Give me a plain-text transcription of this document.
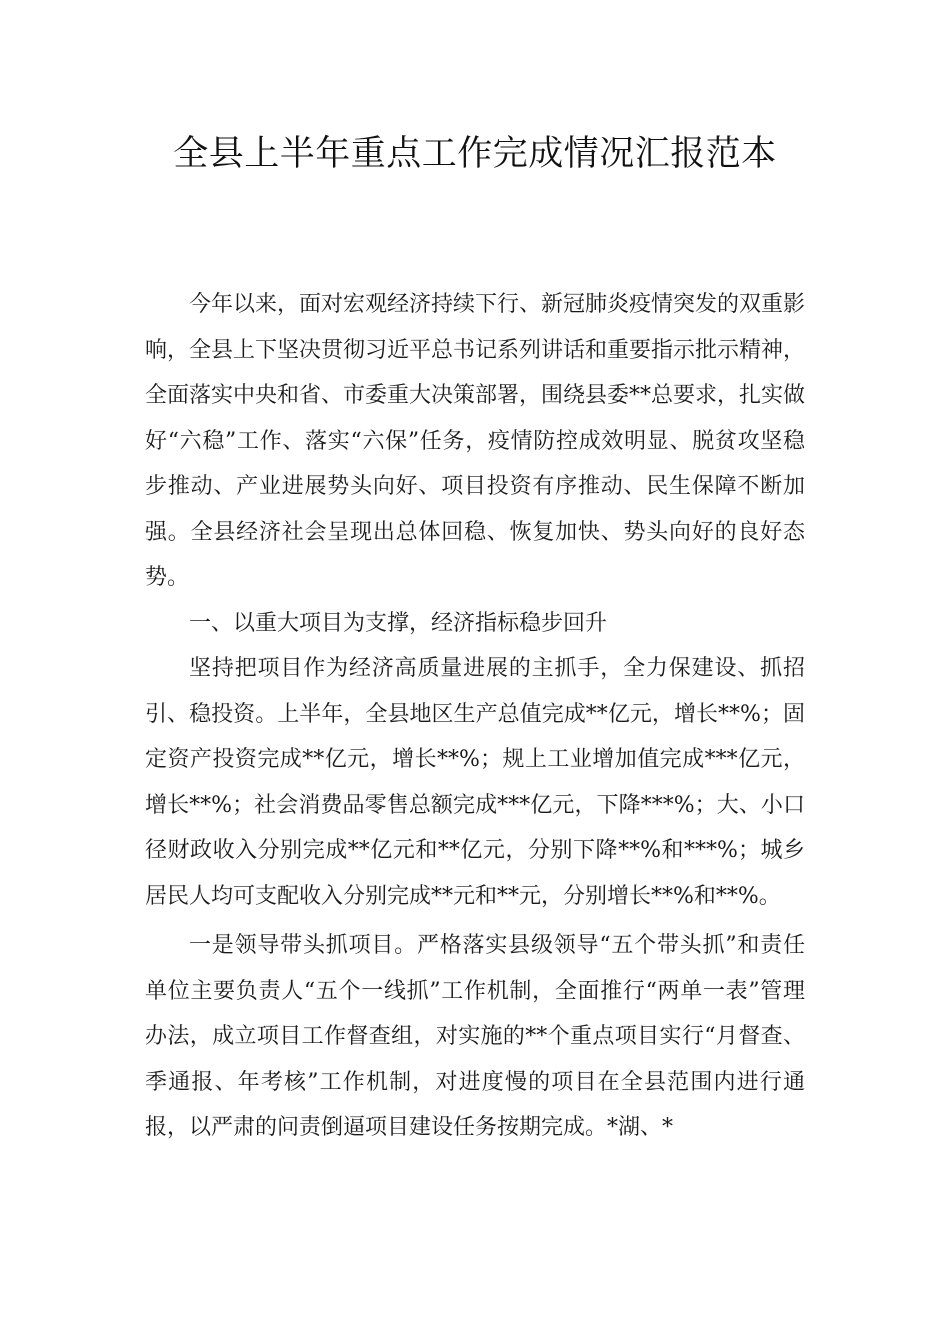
全县上半年重点工作完成情况汇报范本

今年以来，面对宏观经济持续下行、新冠肺炎疫情突发的双重影响，全县上下坚决贯彻习近平总书记系列讲话和重要指示批示精神，全面落实中央和省、市委重大决策部署，围绕县委**总要求，扎实做好“六稳”工作、落实“六保”任务，疫情防控成效明显、脱贫攻坚稳步推动、产业进展势头向好、项目投资有序推动、民生保障不断加强。全县经济社会呈现出总体回稳、恢复加快、势头向好的良好态势。

一、以重大项目为支撑，经济指标稳步回升

坚持把项目作为经济高质量进展的主抓手，全力保建设、抓招引、稳投资。上半年，全县地区生产总值完成**亿元，增长**%；固定资产投资完成**亿元，增长**%；规上工业增加值完成***亿元，增长**%；社会消费品零售总额完成***亿元，下降***%；大、小口径财政收入分别完成**亿元和**亿元，分别下降**%和***%；城乡居民人均可支配收入分别完成**元和**元，分别增长**%和**%。

一是领导带头抓项目。严格落实县级领导“五个带头抓”和责任单位主要负责人“五个一线抓”工作机制，全面推行“两单一表”管理办法，成立项目工作督查组，对实施的**个重点项目实行“月督查、季通报、年考核”工作机制，对进度慢的项目在全县范围内进行通报，以严肃的问责倒逼项目建设任务按期完成。*湖、*
